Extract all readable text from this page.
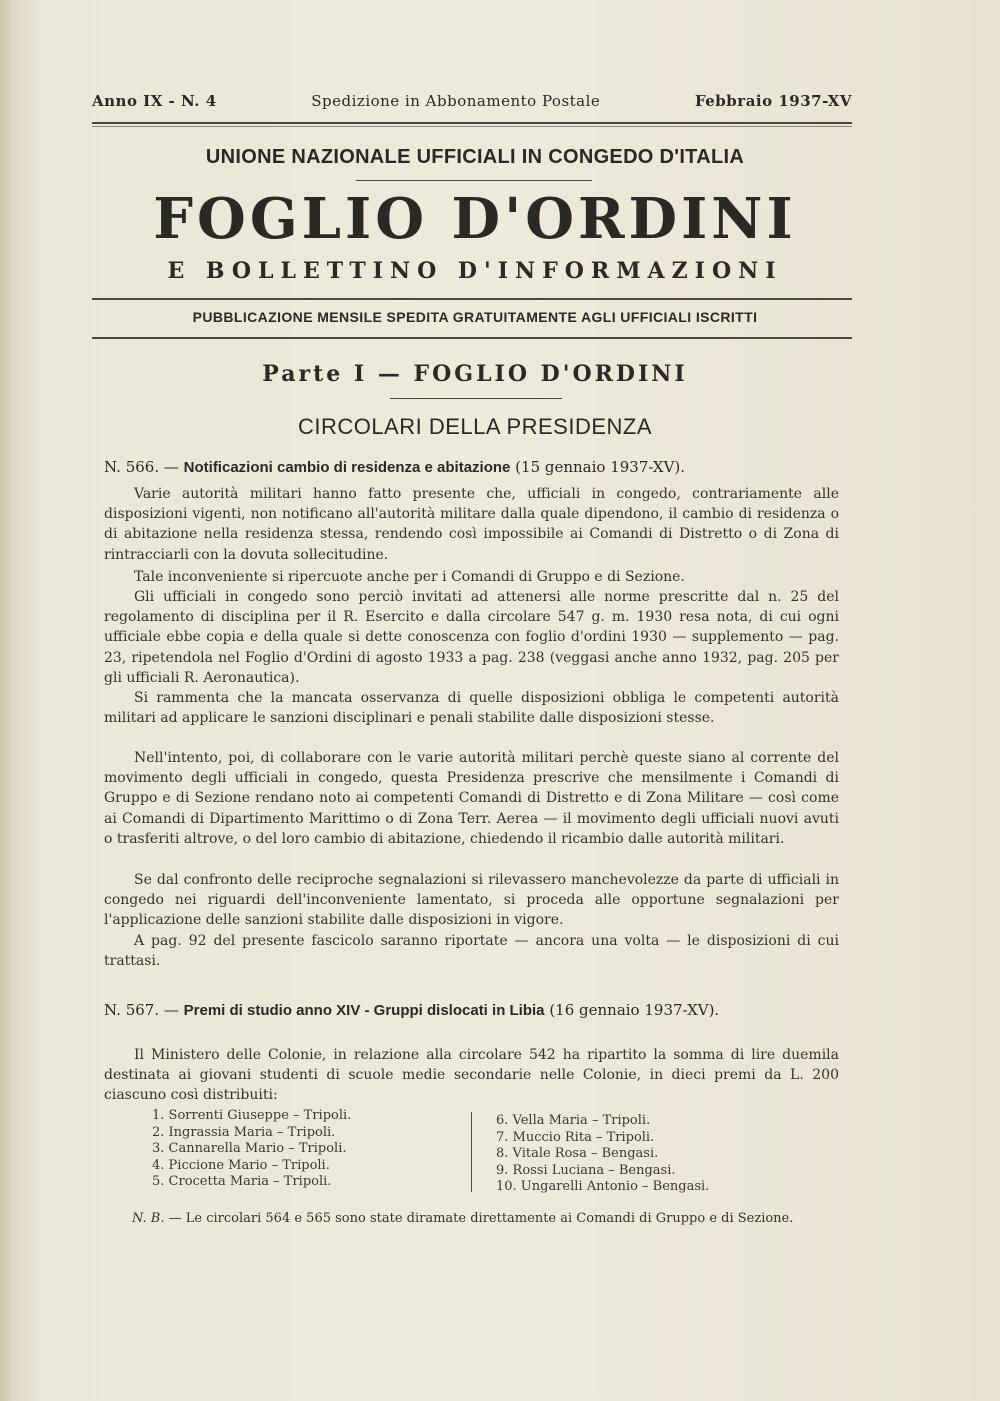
Anno IX - N. 4	Spedizione in Abbonamento Postale	Febbraio 1937-XV
UNIONE NAZIONALE UFFICIALI IN CONGEDO D'ITALIA
FOGLIO D'ORDINI
E BOLLETTINO D'INFORMAZIONI
PUBBLICAZIONE MENSILE SPEDITA GRATUITAMENTE AGLI UFFICIALI ISCRITTI
Parte I — FOGLIO D'ORDINI
CIRCOLARI DELLA PRESIDENZA
N. 566. — Notificazioni cambio di residenza e abitazione (15 gennaio 1937-XV).

Varie autorità militari hanno fatto presente che, ufficiali in congedo, contrariamente alle disposizioni vigenti, non notificano all'autorità militare dalla quale dipendono, il cambio di residenza o di abitazione nella residenza stessa, rendendo così impossibile ai Comandi di Distretto o di Zona di rintracciarli con la dovuta sollecitudine.

Tale inconveniente si ripercuote anche per i Comandi di Gruppo e di Sezione.

Gli ufficiali in congedo sono perciò invitati ad attenersi alle norme prescritte dal n. 25 del regolamento di disciplina per il R. Esercito e dalla circolare 547 g. m. 1930 resa nota, di cui ogni ufficiale ebbe copia e della quale si dette conoscenza con foglio d'ordini 1930 — supplemento — pag. 23, ripetendola nel Foglio d'Ordini di agosto 1933 a pag. 238 (veggasi anche anno 1932, pag. 205 per gli ufficiali R. Aeronautica).

Si rammenta che la mancata osservanza di quelle disposizioni obbliga le competenti autorità militari ad applicare le sanzioni disciplinari e penali stabilite dalle disposizioni stesse.

Nell'intento, poi, di collaborare con le varie autorità militari perchè queste siano al corrente del movimento degli ufficiali in congedo, questa Presidenza prescrive che mensilmente i Comandi di Gruppo e di Sezione rendano noto ai competenti Comandi di Distretto e di Zona Militare — così come ai Comandi di Dipartimento Marittimo o di Zona Terr. Aerea — il movimento degli ufficiali nuovi avuti o trasferiti altrove, o del loro cambio di abitazione, chiedendo il ricambio dalle autorità militari.

Se dal confronto delle reciproche segnalazioni si rilevassero manchevolezze da parte di ufficiali in congedo nei riguardi dell'inconveniente lamentato, si proceda alle opportune segnalazioni per l'applicazione delle sanzioni stabilite dalle disposizioni in vigore.

A pag. 92 del presente fascicolo saranno riportate — ancora una volta — le disposizioni di cui trattasi.

N. 567. — Premi di studio anno XIV - Gruppi dislocati in Libia (16 gennaio 1937-XV).

Il Ministero delle Colonie, in relazione alla circolare 542 ha ripartito la somma di lire duemila destinata ai giovani studenti di scuole medie secondarie nelle Colonie, in dieci premi da L. 200 ciascuno così distribuiti:

1. Sorrenti Giuseppe – Tripoli.
2. Ingrassia Maria – Tripoli.
3. Cannarella Mario – Tripoli.
4. Piccione Mario – Tripoli.
5. Crocetta Maria – Tripoli.
6. Vella Maria – Tripoli.
7. Muccio Rita – Tripoli.
8. Vitale Rosa – Bengasi.
9. Rossi Luciana – Bengasi.
10. Ungarelli Antonio – Bengasi.
N. B. — Le circolari 564 e 565 sono state diramate direttamente ai Comandi di Gruppo e di Sezione.
